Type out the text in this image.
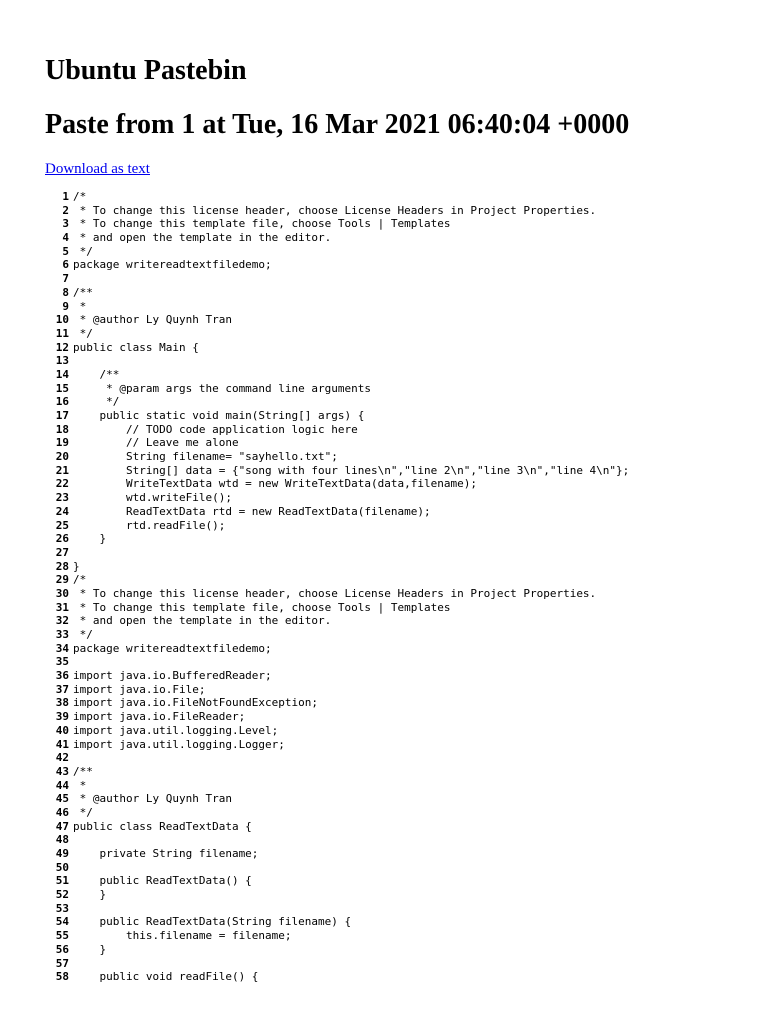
Ubuntu Pastebin
Paste from 1 at Tue, 16 Mar 2021 06:40:04 +0000
Download as text
1 /*
2 * To change this license header, choose License Headers in Project Properties.
3 * To change this template file, choose Tools | Templates
4 * and open the template in the editor.
5 */
6 package writereadtextfiledemo;
7
8 /**
9 *
10 * @author Ly Quynh Tran
11 */
12 public class Main {
13
14 /**
15 * @param args the command line arguments
16 */
17 public static void main(String[] args) {
18 // TODO code application logic here
19 // Leave me alone
20 String filename= "sayhello.txt";
21 String[] data = {"song with four lines\n","line 2\n","line 3\n","line 4\n"};
22 WriteTextData wtd = new WriteTextData(data,filename);
23 wtd.writeFile();
24 ReadTextData rtd = new ReadTextData(filename);
25 rtd.readFile();
26 }
27
28 }
29 /*
30 * To change this license header, choose License Headers in Project Properties.
31 * To change this template file, choose Tools | Templates
32 * and open the template in the editor.
33 */
34 package writereadtextfiledemo;
35
36 import java.io.BufferedReader;
37 import java.io.File;
38 import java.io.FileNotFoundException;
39 import java.io.FileReader;
40 import java.util.logging.Level;
41 import java.util.logging.Logger;
42
43 /**
44 *
45 * @author Ly Quynh Tran
46 */
47 public class ReadTextData {
48
49 private String filename;
50
51 public ReadTextData() {
52 }
53
54 public ReadTextData(String filename) {
55 this.filename = filename;
56 }
57
58 public void readFile() {
